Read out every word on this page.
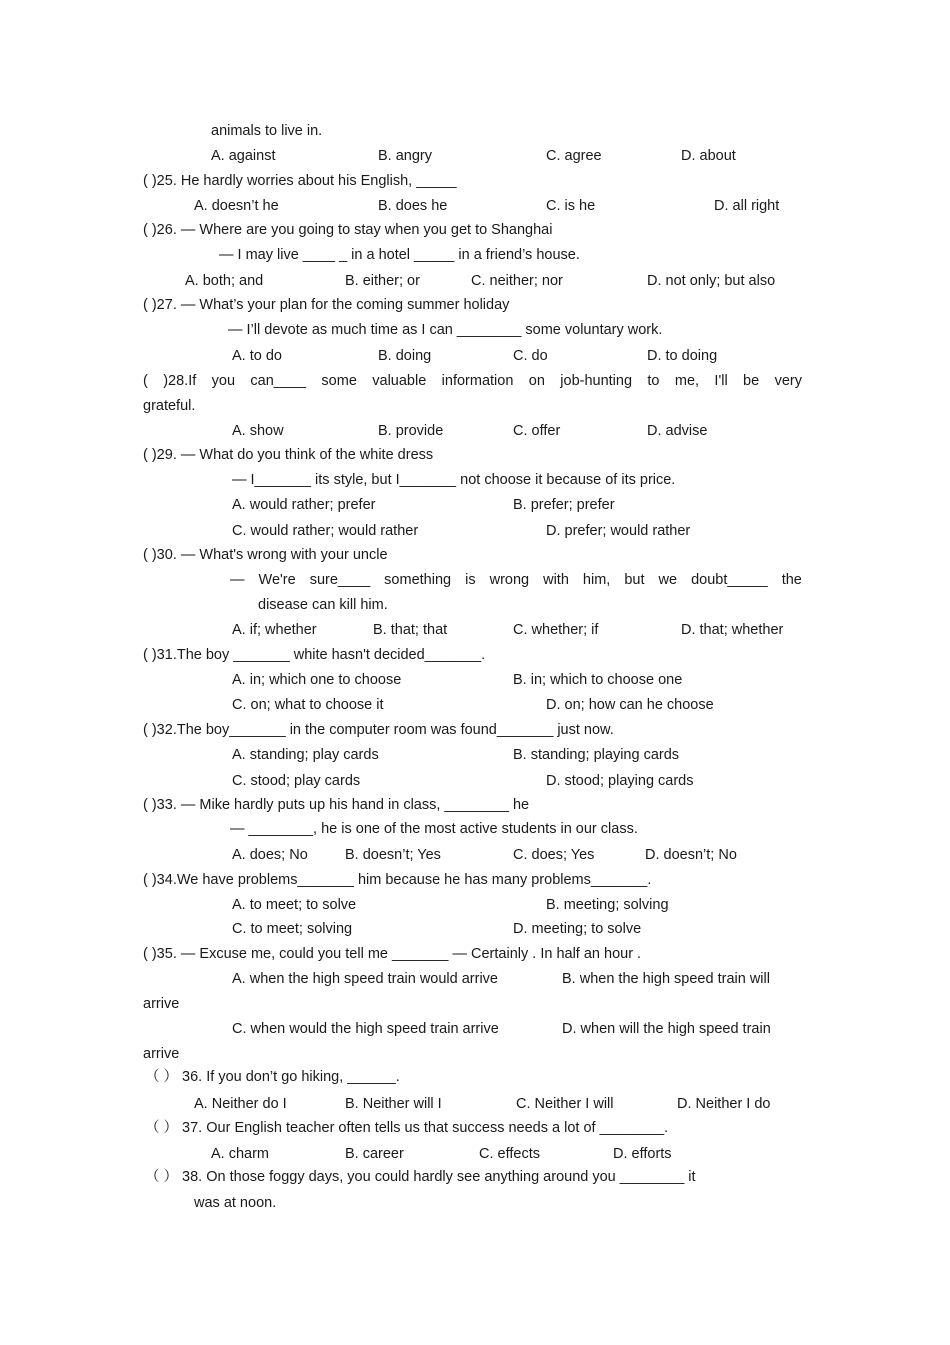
animals to live in.
A. against	B. angry	C. agree	D. about
( )25. He hardly worries about his English, _____
A. doesn’t he	B. does he	C. is he	D. all right
( )26. — Where are you going to stay when you get to Shanghai
— I may live ____ _ in a hotel _____ in a friend’s house.
A. both; and	B. either; or	C. neither; nor	D. not only; but also
( )27. — What’s your plan for the coming summer holiday
— I’ll devote as much time as I can ________ some voluntary work.
A. to do	B. doing	C. do	D. to doing
( )28.If you can____ some valuable information on job-hunting to me, I'll be very
grateful.
A. show	B. provide	C. offer	D. advise
( )29. — What do you think of the white dress
— I_______ its style, but I_______ not choose it because of its price.
A. would rather; prefer	B. prefer; prefer
C. would rather; would rather	D. prefer; would rather
( )30. — What's wrong with your uncle
— We're sure____ something is wrong with him, but we doubt_____ the
disease can kill him.
A. if; whether	B. that; that	C. whether; if	D. that; whether
( )31.The boy _______ white hasn't decided_______.
A. in; which one to choose	B. in; which to choose one
C. on; what to choose it	D. on; how can he choose
( )32.The boy_______ in the computer room was found_______ just now.
A. standing; play cards	B. standing; playing cards
C. stood; play cards	D. stood; playing cards
( )33. — Mike hardly puts up his hand in class, ________ he
— ________, he is one of the most active students in our class.
A. does; No	B. doesn’t; Yes	C. does; Yes	D. doesn’t; No
( )34.We have problems_______ him because he has many problems_______.
A. to meet; to solve	B. meeting; solving
C. to meet; solving	D. meeting; to solve
( )35. — Excuse me, could you tell me _______ — Certainly . In half an hour .
A. when the high speed train would arrive	B. when the high speed train will
arrive
C. when would the high speed train arrive	D. when will the high speed train
arrive
（ ） 36. If you don’t go hiking, ______.
A. Neither do I	B. Neither will I	C. Neither I will	D. Neither I do
（ ） 37. Our English teacher often tells us that success needs a lot of ________.
A. charm	B. career	C. effects	D. efforts
（ ） 38. On those foggy days, you could hardly see anything around you ________ it
was at noon.
